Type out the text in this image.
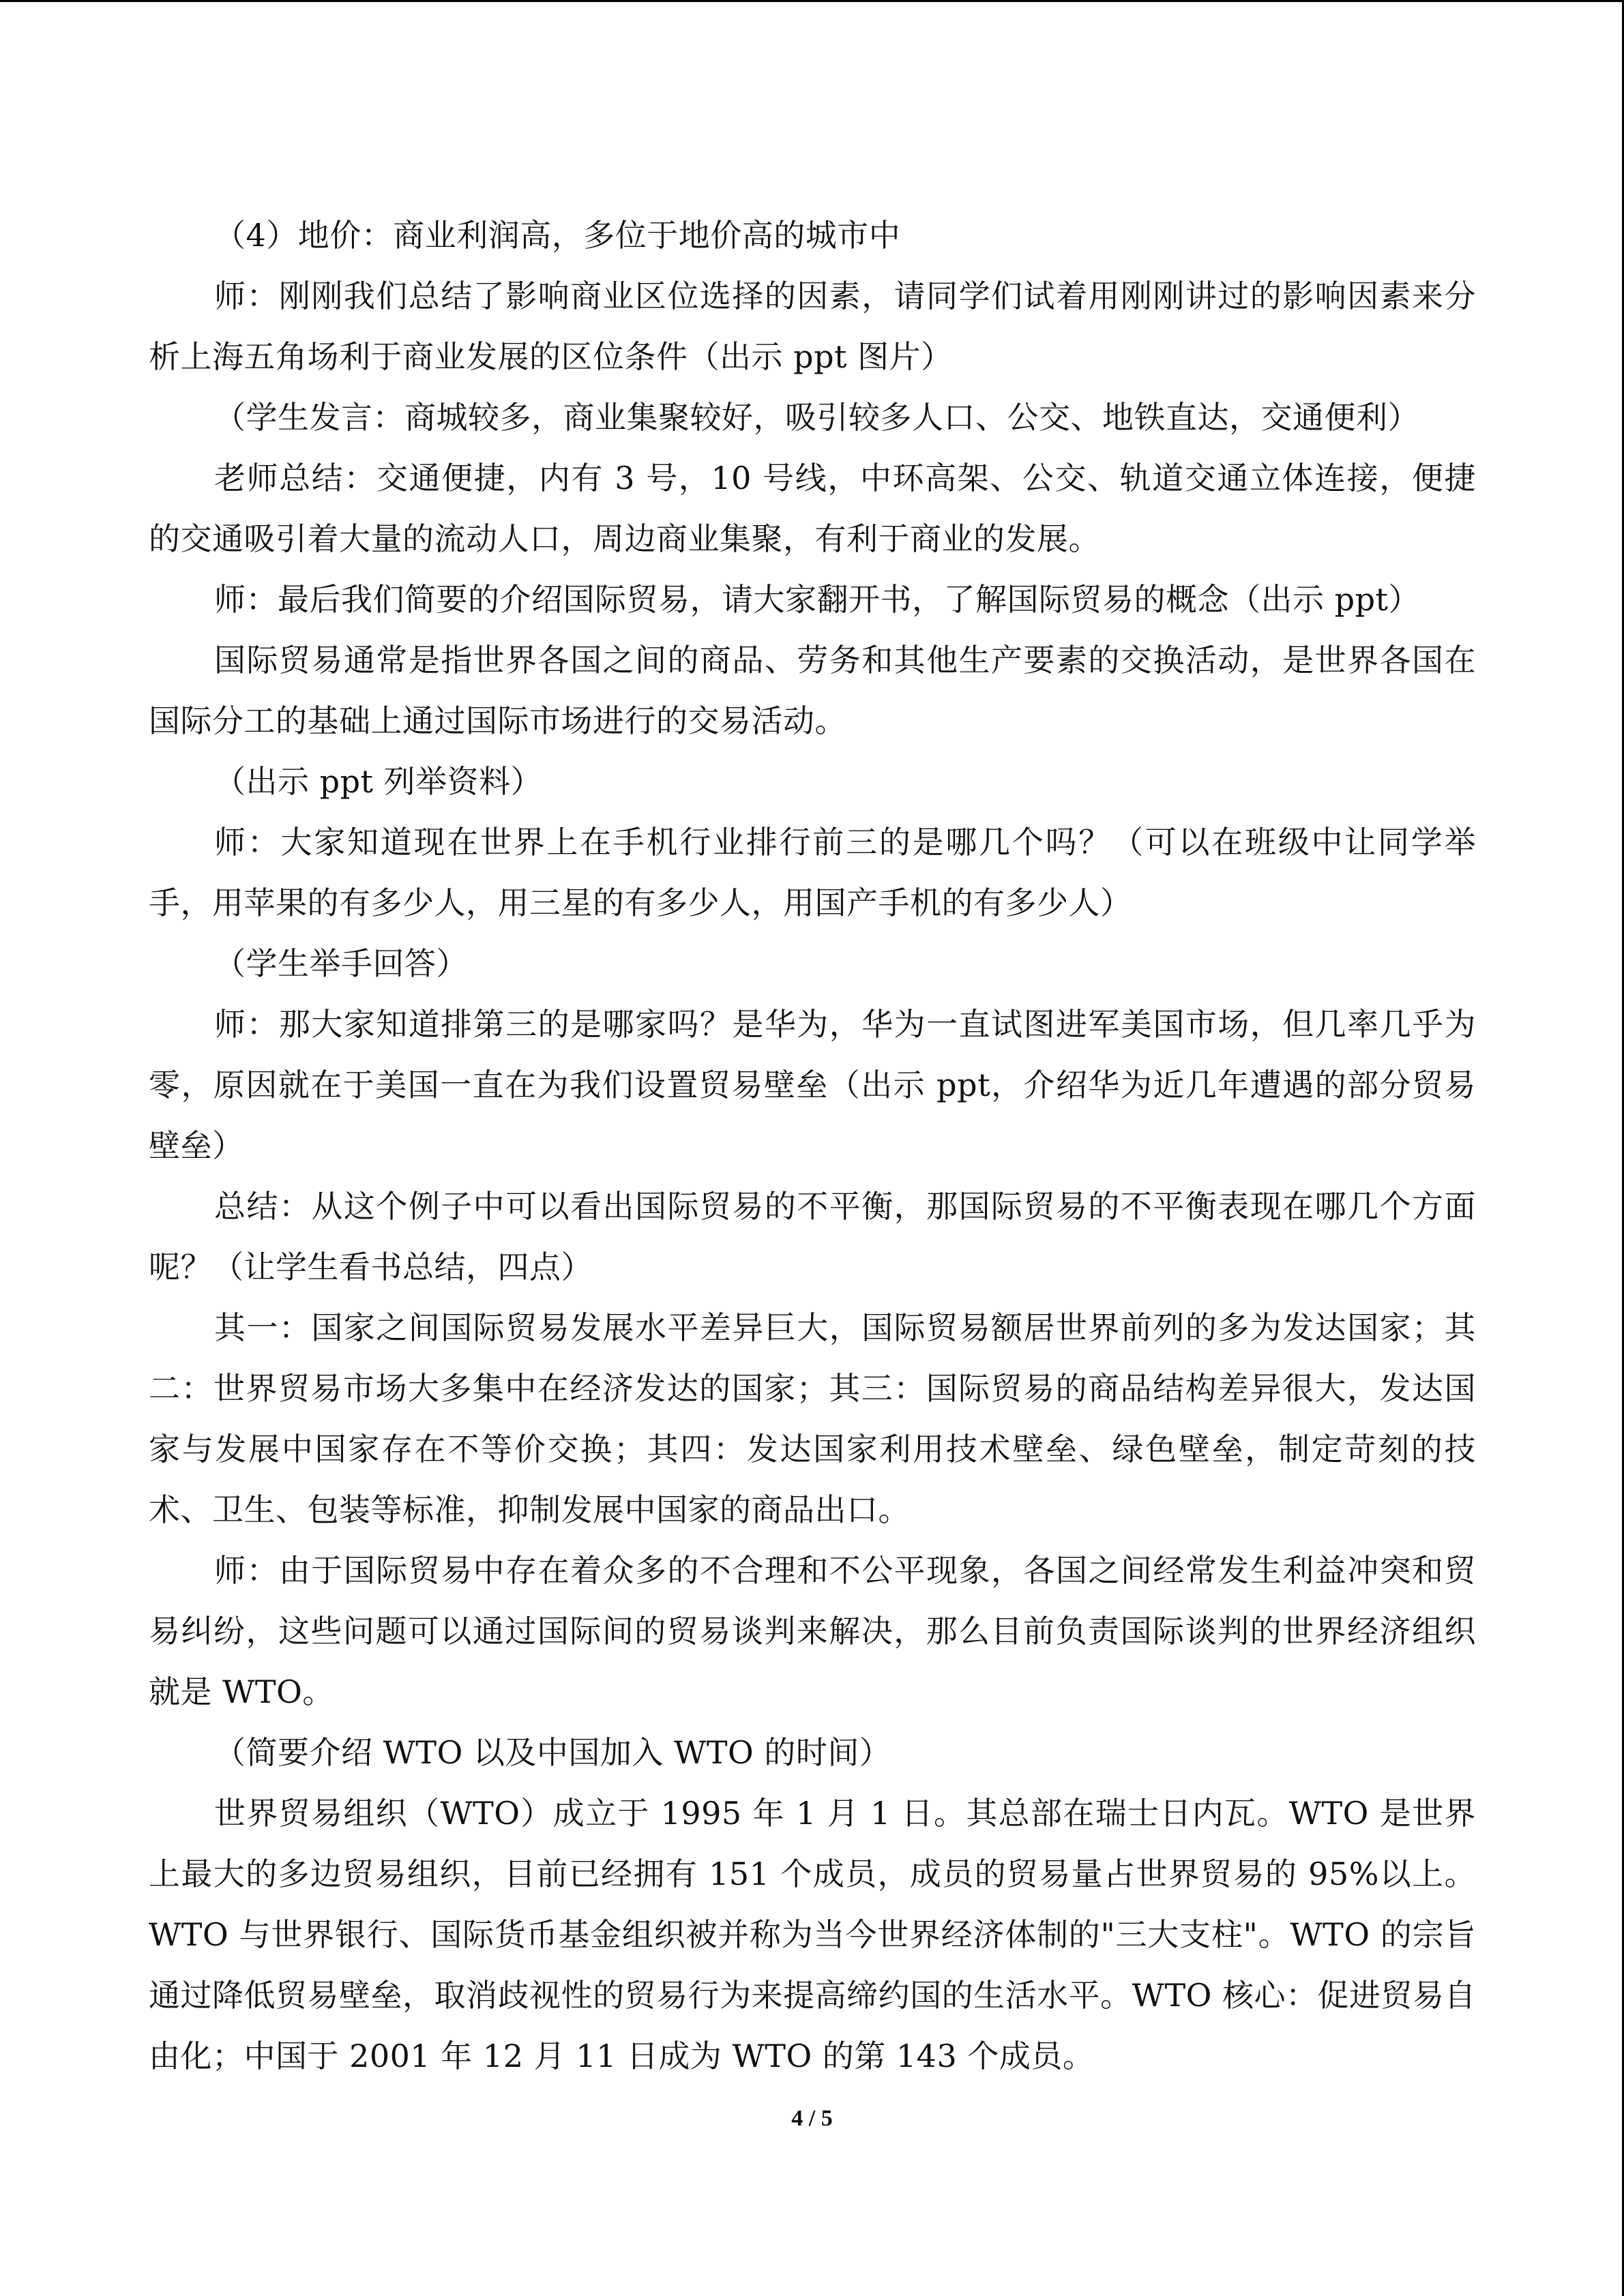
（4）地价：商业利润高，多位于地价高的城市中

师：刚刚我们总结了影响商业区位选择的因素，请同学们试着用刚刚讲过的影响因素来分析上海五角场利于商业发展的区位条件（出示 ppt 图片）

（学生发言：商城较多，商业集聚较好，吸引较多人口、公交、地铁直达，交通便利）

老师总结：交通便捷，内有 3 号，10 号线，中环高架、公交、轨道交通立体连接，便捷的交通吸引着大量的流动人口，周边商业集聚，有利于商业的发展。

师：最后我们简要的介绍国际贸易，请大家翻开书，了解国际贸易的概念（出示 ppt）

国际贸易通常是指世界各国之间的商品、劳务和其他生产要素的交换活动，是世界各国在国际分工的基础上通过国际市场进行的交易活动。

（出示 ppt 列举资料）

师：大家知道现在世界上在手机行业排行前三的是哪几个吗？（可以在班级中让同学举手，用苹果的有多少人，用三星的有多少人，用国产手机的有多少人）

（学生举手回答）

师：那大家知道排第三的是哪家吗？是华为，华为一直试图进军美国市场，但几率几乎为零，原因就在于美国一直在为我们设置贸易壁垒（出示 ppt，介绍华为近几年遭遇的部分贸易壁垒）

总结：从这个例子中可以看出国际贸易的不平衡，那国际贸易的不平衡表现在哪几个方面呢？（让学生看书总结，四点）

其一：国家之间国际贸易发展水平差异巨大，国际贸易额居世界前列的多为发达国家；其二：世界贸易市场大多集中在经济发达的国家；其三：国际贸易的商品结构差异很大，发达国家与发展中国家存在不等价交换；其四：发达国家利用技术壁垒、绿色壁垒，制定苛刻的技术、卫生、包装等标准，抑制发展中国家的商品出口。

师：由于国际贸易中存在着众多的不合理和不公平现象，各国之间经常发生利益冲突和贸易纠纷，这些问题可以通过国际间的贸易谈判来解决，那么目前负责国际谈判的世界经济组织就是 WTO。

（简要介绍 WTO 以及中国加入 WTO 的时间）

世界贸易组织（WTO）成立于 1995 年 1 月 1 日。其总部在瑞士日内瓦。WTO 是世界上最大的多边贸易组织，目前已经拥有 151 个成员，成员的贸易量占世界贸易的 95%以上。WTO 与世界银行、国际货币基金组织被并称为当今世界经济体制的"三大支柱"。WTO 的宗旨通过降低贸易壁垒，取消歧视性的贸易行为来提高缔约国的生活水平。WTO 核心：促进贸易自由化；中国于 2001 年 12 月 11 日成为 WTO 的第 143 个成员。

4 / 5
